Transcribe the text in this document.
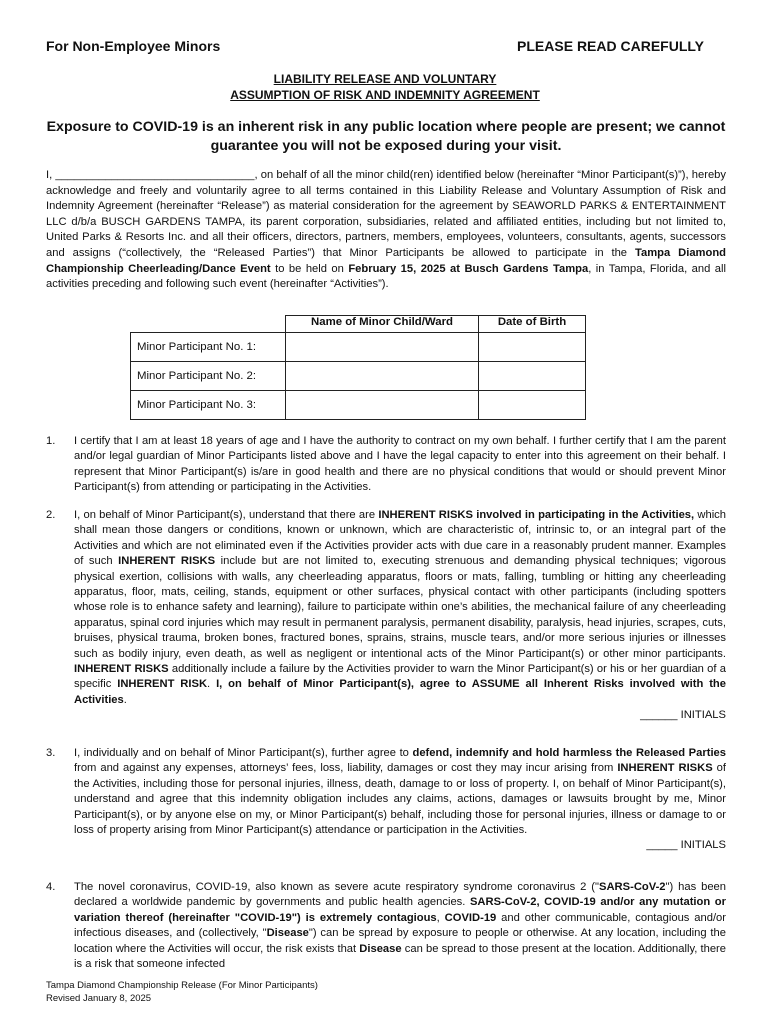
For Non-Employee Minors	PLEASE READ CAREFULLY
LIABILITY RELEASE AND VOLUNTARY
ASSUMPTION OF RISK AND INDEMNITY AGREEMENT
Exposure to COVID-19 is an inherent risk in any public location where people are present; we cannot guarantee you will not be exposed during your visit.
I, ________________________________, on behalf of all the minor child(ren) identified below (hereinafter “Minor Participant(s)”), hereby acknowledge and freely and voluntarily agree to all terms contained in this Liability Release and Voluntary Assumption of Risk and Indemnity Agreement (hereinafter “Release”) as material consideration for the agreement by SEAWORLD PARKS & ENTERTAINMENT LLC d/b/a BUSCH GARDENS TAMPA, its parent corporation, subsidiaries, related and affiliated entities, including but not limited to, United Parks & Resorts Inc. and all their officers, directors, partners, members, employees, volunteers, consultants, agents, successors and assigns (“collectively, the “Released Parties”) that Minor Participants be allowed to participate in the Tampa Diamond Championship Cheerleading/Dance Event to be held on February 15, 2025 at Busch Gardens Tampa, in Tampa, Florida, and all activities preceding and following such event (hereinafter “Activities”).
	Name of Minor Child/Ward	Date of Birth
Minor Participant No. 1:		
Minor Participant No. 2:		
Minor Participant No. 3:		
1. I certify that I am at least 18 years of age and I have the authority to contract on my own behalf. I further certify that I am the parent and/or legal guardian of Minor Participants listed above and I have the legal capacity to enter into this agreement on their behalf. I represent that Minor Participant(s) is/are in good health and there are no physical conditions that would or should prevent Minor Participant(s) from attending or participating in the Activities.
2. I, on behalf of Minor Participant(s), understand that there are INHERENT RISKS involved in participating in the Activities, which shall mean those dangers or conditions, known or unknown, which are characteristic of, intrinsic to, or an integral part of the Activities and which are not eliminated even if the Activities provider acts with due care in a reasonably prudent manner. Examples of such INHERENT RISKS include but are not limited to, executing strenuous and demanding physical techniques; vigorous physical exertion, collisions with walls, any cheerleading apparatus, floors or mats, falling, tumbling or hitting any cheerleading apparatus, floor, mats, ceiling, stands, equipment or other surfaces, physical contact with other participants (including spotters whose role is to enhance safety and learning), failure to participate within one’s abilities, the mechanical failure of any cheerleading apparatus, spinal cord injuries which may result in permanent paralysis, permanent disability, paralysis, head injuries, scrapes, cuts, bruises, physical trauma, broken bones, fractured bones, sprains, strains, muscle tears, and/or more serious injuries or illnesses such as bodily injury, even death, as well as negligent or intentional acts of the Minor Participant(s) or other minor participants. INHERENT RISKS additionally include a failure by the Activities provider to warn the Minor Participant(s) or his or her guardian of a specific INHERENT RISK. I, on behalf of Minor Participant(s), agree to ASSUME all Inherent Risks involved with the Activities.
______ INITIALS
3. I, individually and on behalf of Minor Participant(s), further agree to defend, indemnify and hold harmless the Released Parties from and against any expenses, attorneys’ fees, loss, liability, damages or cost they may incur arising from INHERENT RISKS of the Activities, including those for personal injuries, illness, death, damage to or loss of property. I, on behalf of Minor Participant(s), understand and agree that this indemnity obligation includes any claims, actions, damages or lawsuits brought by me, Minor Participant(s), or by anyone else on my, or Minor Participant(s) behalf, including those for personal injuries, illness or damage to or loss of property arising from Minor Participant(s) attendance or participation in the Activities.
_____ INITIALS
4. The novel coronavirus, COVID-19, also known as severe acute respiratory syndrome coronavirus 2 ("SARS-CoV-2") has been declared a worldwide pandemic by governments and public health agencies. SARS-CoV-2, COVID-19 and/or any mutation or variation thereof (hereinafter "COVID-19") is extremely contagious, COVID-19 and other communicable, contagious and/or infectious diseases, and (collectively, "Disease") can be spread by exposure to people or otherwise. At any location, including the location where the Activities will occur, the risk exists that Disease can be spread to those present at the location. Additionally, there is a risk that someone infected
Tampa Diamond Championship Release (For Minor Participants)
Revised January 8, 2025
